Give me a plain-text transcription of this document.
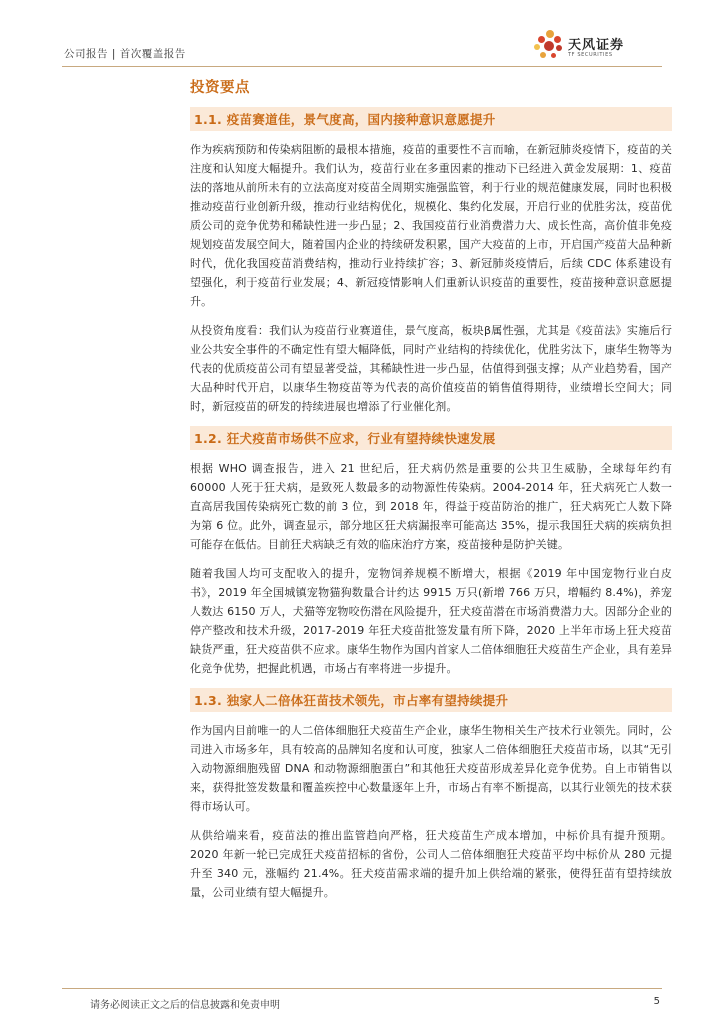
公司报告 | 首次覆盖报告
天风证券
TF SECURITIES
投资要点
1.1. 疫苗赛道佳，景气度高，国内接种意识意愿提升

作为疾病预防和传染病阻断的最根本措施，疫苗的重要性不言而喻，在新冠肺炎疫情下，疫苗的关注度和认知度大幅提升。我们认为，疫苗行业在多重因素的推动下已经进入黄金发展期：1、疫苗法的落地从前所未有的立法高度对疫苗全周期实施强监管，利于行业的规范健康发展，同时也积极推动疫苗行业创新升级，推动行业结构优化，规模化、集约化发展，开启行业的优胜劣汰，疫苗优质公司的竞争优势和稀缺性进一步凸显；2、我国疫苗行业消费潜力大、成长性高，高价值非免疫规划疫苗发展空间大，随着国内企业的持续研发积累，国产大疫苗的上市，开启国产疫苗大品种新时代，优化我国疫苗消费结构，推动行业持续扩容；3、新冠肺炎疫情后，后续 CDC 体系建设有望强化，利于疫苗行业发展；4、新冠疫情影响人们重新认识疫苗的重要性，疫苗接种意识意愿提升。

从投资角度看：我们认为疫苗行业赛道佳，景气度高，板块β属性强，尤其是《疫苗法》实施后行业公共安全事件的不确定性有望大幅降低，同时产业结构的持续优化，优胜劣汰下，康华生物等为代表的优质疫苗公司有望显著受益，其稀缺性进一步凸显，估值得到强支撑；从产业趋势看，国产大品种时代开启，以康华生物疫苗等为代表的高价值疫苗的销售值得期待，业绩增长空间大；同时，新冠疫苗的研发的持续进展也增添了行业催化剂。

1.2. 狂犬疫苗市场供不应求，行业有望持续快速发展

根据 WHO 调查报告，进入 21 世纪后，狂犬病仍然是重要的公共卫生威胁，全球每年约有60000 人死于狂犬病，是致死人数最多的动物源性传染病。2004-2014 年，狂犬病死亡人数一直高居我国传染病死亡数的前 3 位，到 2018 年，得益于疫苗防治的推广，狂犬病死亡人数下降为第 6 位。此外，调查显示，部分地区狂犬病漏报率可能高达 35%，提示我国狂犬病的疾病负担可能存在低估。目前狂犬病缺乏有效的临床治疗方案，疫苗接种是防护关键。

随着我国人均可支配收入的提升，宠物饲养规模不断增大，根据《2019 年中国宠物行业白皮书》，2019 年全国城镇宠物猫狗数量合计约达 9915 万只(新增 766 万只，增幅约 8.4%)，养宠人数达 6150 万人，犬猫等宠物咬伤潜在风险提升，狂犬疫苗潜在市场消费潜力大。因部分企业的停产整改和技术升级，2017-2019 年狂犬疫苗批签发量有所下降，2020 上半年市场上狂犬疫苗缺货严重，狂犬疫苗供不应求。康华生物作为国内首家人二倍体细胞狂犬疫苗生产企业，具有差异化竞争优势，把握此机遇，市场占有率将进一步提升。

1.3. 独家人二倍体狂苗技术领先，市占率有望持续提升

作为国内目前唯一的人二倍体细胞狂犬疫苗生产企业，康华生物相关生产技术行业领先。同时，公司进入市场多年，具有较高的品牌知名度和认可度，独家人二倍体细胞狂犬疫苗市场，以其“无引入动物源细胞残留 DNA 和动物源细胞蛋白”和其他狂犬疫苗形成差异化竞争优势。自上市销售以来，获得批签发数量和覆盖疾控中心数量逐年上升，市场占有率不断提高，以其行业领先的技术获得市场认可。

从供给端来看，疫苗法的推出监管趋向严格，狂犬疫苗生产成本增加，中标价具有提升预期。2020 年新一轮已完成狂犬疫苗招标的省份，公司人二倍体细胞狂犬疫苗平均中标价从 280 元提升至 340 元，涨幅约 21.4%。狂犬疫苗需求端的提升加上供给端的紧张，使得狂苗有望持续放量，公司业绩有望大幅提升。

请务必阅读正文之后的信息披露和免责申明	5
